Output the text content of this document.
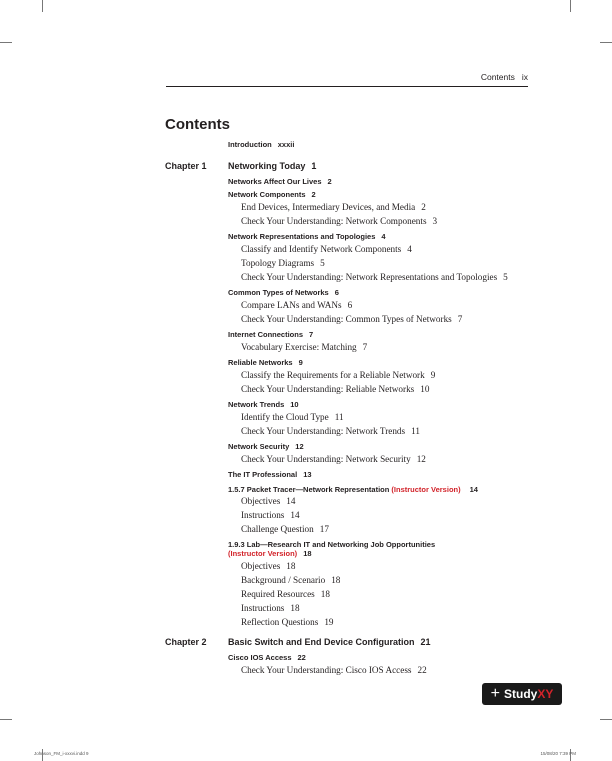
Contents ix
Contents
Introduction xxxii
Chapter 1 Networking Today 1
Networks Affect Our Lives 2
Network Components 2
End Devices, Intermediary Devices, and Media 2
Check Your Understanding: Network Components 3
Network Representations and Topologies 4
Classify and Identify Network Components 4
Topology Diagrams 5
Check Your Understanding: Network Representations and Topologies 5
Common Types of Networks 6
Compare LANs and WANs 6
Check Your Understanding: Common Types of Networks 7
Internet Connections 7
Vocabulary Exercise: Matching 7
Reliable Networks 9
Classify the Requirements for a Reliable Network 9
Check Your Understanding: Reliable Networks 10
Network Trends 10
Identify the Cloud Type 11
Check Your Understanding: Network Trends 11
Network Security 12
Check Your Understanding: Network Security 12
The IT Professional 13
1.5.7 Packet Tracer—Network Representation (Instructor Version) 14
Objectives 14
Instructions 14
Challenge Question 17
1.9.3 Lab—Research IT and Networking Job Opportunities
(Instructor Version) 18
Objectives 18
Background / Scenario 18
Required Resources 18
Instructions 18
Reflection Questions 19
Chapter 2 Basic Switch and End Device Configuration 21
Cisco IOS Access 22
Check Your Understanding: Cisco IOS Access 22
+ Study XY
Johnson_FM_i-xxxvi.indd 9	15/08/20 7:39 PM
